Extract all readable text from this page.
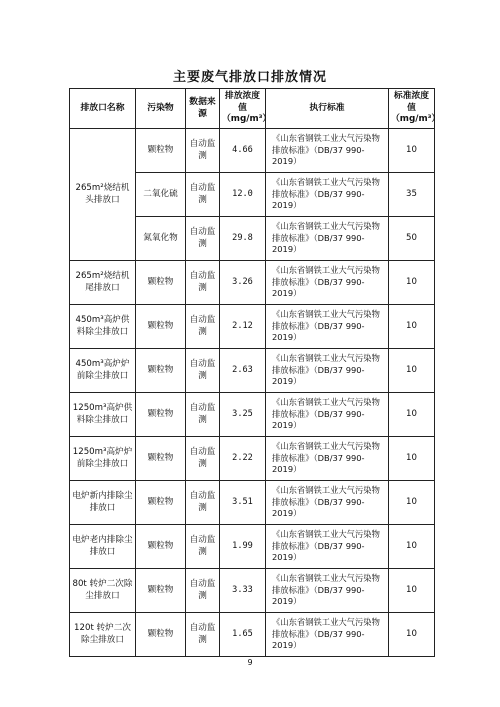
主要废气排放口排放情况
排放口名称	污染物	数据来源	排放浓度值（mg/m³）	执行标准	标准浓度值（mg/m³）
265m²烧结机头排放口	颗粒物	自动监测	4.66	《山东省钢铁工业大气污染物排放标准》（DB/37 990-2019）	10
	二氧化硫	自动监测	12.0	《山东省钢铁工业大气污染物排放标准》（DB/37 990-2019）	35
	氮氧化物	自动监测	29.8	《山东省钢铁工业大气污染物排放标准》（DB/37 990-2019）	50
265m²烧结机尾排放口	颗粒物	自动监测	3.26	《山东省钢铁工业大气污染物排放标准》（DB/37 990-2019）	10
450m³高炉供料除尘排放口	颗粒物	自动监测	2.12	《山东省钢铁工业大气污染物排放标准》（DB/37 990-2019）	10
450m³高炉炉前除尘排放口	颗粒物	自动监测	2.63	《山东省钢铁工业大气污染物排放标准》（DB/37 990-2019）	10
1250m³高炉供料除尘排放口	颗粒物	自动监测	3.25	《山东省钢铁工业大气污染物排放标准》（DB/37 990-2019）	10
1250m³高炉炉前除尘排放口	颗粒物	自动监测	2.22	《山东省钢铁工业大气污染物排放标准》（DB/37 990-2019）	10
电炉新内排除尘排放口	颗粒物	自动监测	3.51	《山东省钢铁工业大气污染物排放标准》（DB/37 990-2019）	10
电炉老内排除尘排放口	颗粒物	自动监测	1.99	《山东省钢铁工业大气污染物排放标准》（DB/37 990-2019）	10
80t 转炉二次除尘排放口	颗粒物	自动监测	3.33	《山东省钢铁工业大气污染物排放标准》（DB/37 990-2019）	10
120t 转炉二次除尘排放口	颗粒物	自动监测	1.65	《山东省钢铁工业大气污染物排放标准》（DB/37 990-2019）	10
9
